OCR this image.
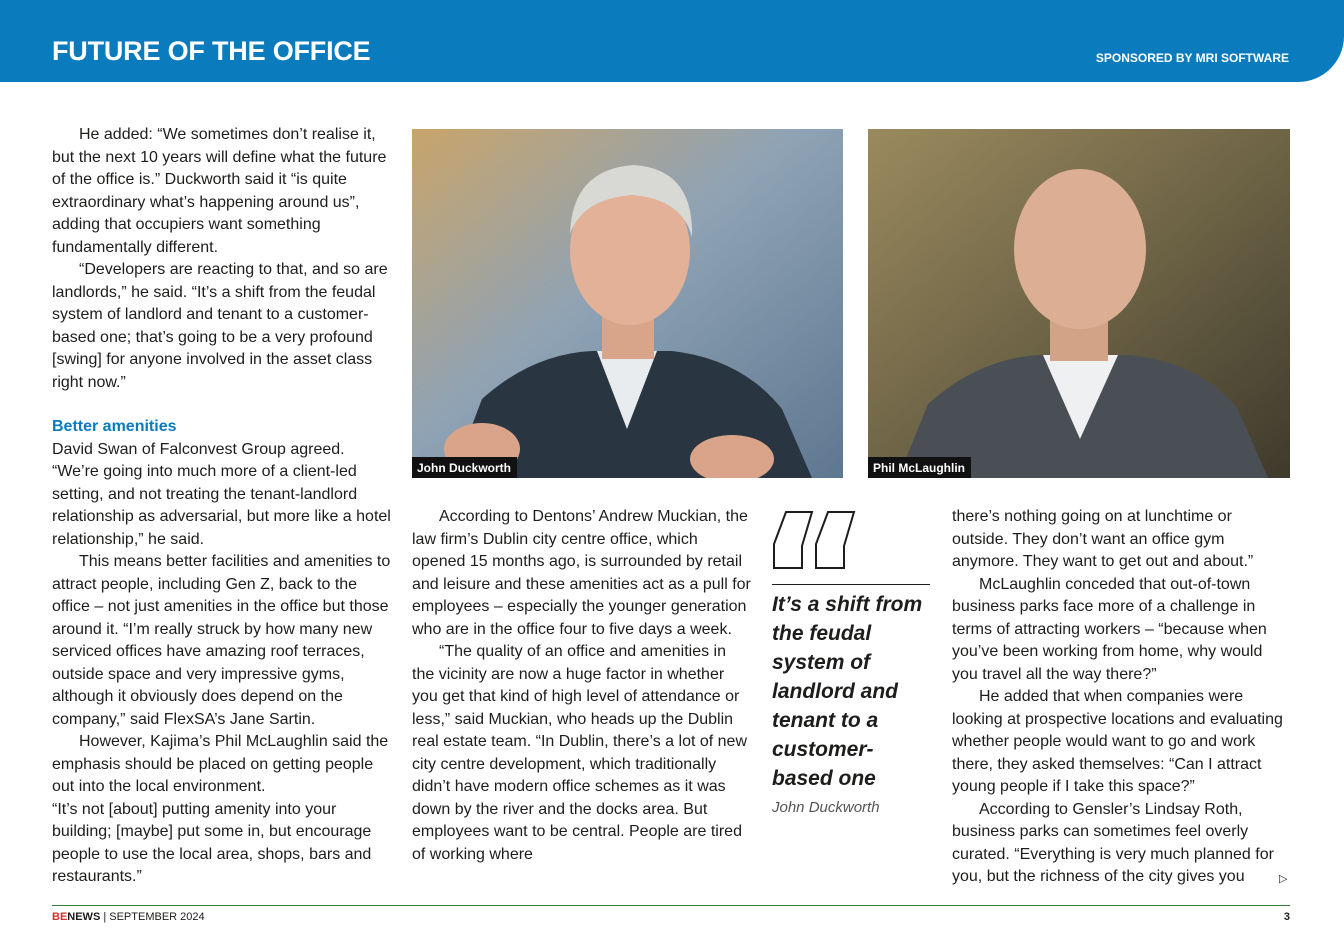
FUTURE OF THE OFFICE	SPONSORED BY MRI SOFTWARE

He added: “We sometimes don’t realise it, but the next 10 years will define what the future of the office is.” Duckworth said it “is quite extraordinary what’s happening around us”, adding that occupiers want something fundamentally different.

“Developers are reacting to that, and so are landlords,” he said. “It’s a shift from the feudal system of landlord and tenant to a customer-based one; that’s going to be a very profound [swing] for anyone involved in the asset class right now.”

Better amenities

David Swan of Falconvest Group agreed. “We’re going into much more of a client-led setting, and not treating the tenant-landlord relationship as adversarial, but more like a hotel relationship,” he said.

This means better facilities and amenities to attract people, including Gen Z, back to the office – not just amenities in the office but those around it. “I’m really struck by how many new serviced offices have amazing roof terraces, outside space and very impressive gyms, although it obviously does depend on the company,” said FlexSA’s Jane Sartin.

However, Kajima’s Phil McLaughlin said the emphasis should be placed on getting people out into the local environment.

“It’s not [about] putting amenity into your building; [maybe] put some in, but encourage people to use the local area, shops, bars and restaurants.”

John Duckworth	Phil McLaughlin

According to Dentons’ Andrew Muckian, the law firm’s Dublin city centre office, which opened 15 months ago, is surrounded by retail and leisure and these amenities act as a pull for employees – especially the younger generation who are in the office four to five days a week.

“The quality of an office and amenities in the vicinity are now a huge factor in whether you get that kind of high level of attendance or less,” said Muckian, who heads up the Dublin real estate team. “In Dublin, there’s a lot of new city centre development, which traditionally didn’t have modern office schemes as it was down by the river and the docks area. But employees want to be central. People are tired of working where

It’s a shift from the feudal system of landlord and tenant to a customer-based one
John Duckworth

there’s nothing going on at lunchtime or outside. They don’t want an office gym anymore. They want to get out and about.”

McLaughlin conceded that out-of-town business parks face more of a challenge in terms of attracting workers – “because when you’ve been working from home, why would you travel all the way there?”

He added that when companies were looking at prospective locations and evaluating whether people would want to go and work there, they asked themselves: “Can I attract young people if I take this space?”

According to Gensler’s Lindsay Roth, business parks can sometimes feel overly curated. “Everything is very much planned for you, but the richness of the city gives you	▷
BENEWS | SEPTEMBER 2024	3
